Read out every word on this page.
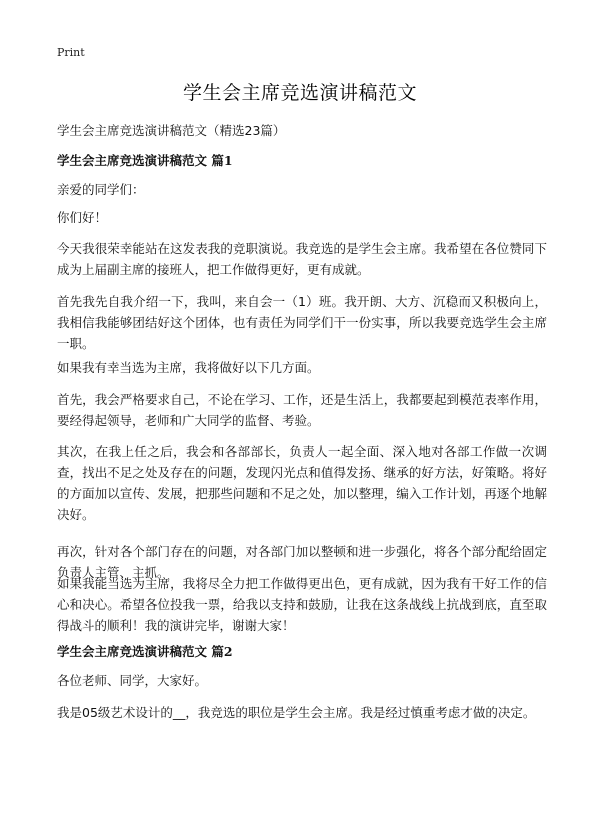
Print
学生会主席竞选演讲稿范文
学生会主席竞选演讲稿范文（精选23篇）
学生会主席竞选演讲稿范文 篇1

亲爱的同学们：

你们好！

今天我很荣幸能站在这发表我的竞职演说。我竞选的是学生会主席。我希望在各位赞同下成为上届副主席的接班人，把工作做得更好，更有成就。

首先我先自我介绍一下，我叫，来自会一（1）班。我开朗、大方、沉稳而又积极向上，我相信我能够团结好这个团体，也有责任为同学们干一份实事，所以我要竞选学生会主席一职。

如果我有幸当选为主席，我将做好以下几方面。

首先，我会严格要求自己，不论在学习、工作，还是生活上，我都要起到模范表率作用，要经得起领导，老师和广大同学的监督、考验。

其次，在我上任之后，我会和各部部长，负责人一起全面、深入地对各部工作做一次调查，找出不足之处及存在的问题，发现闪光点和值得发扬、继承的好方法，好策略。将好的方面加以宣传、发展，把那些问题和不足之处，加以整理，编入工作计划，再逐个地解决好。

再次，针对各个部门存在的问题，对各部门加以整顿和进一步强化，将各个部分配给固定负责人主管、主抓。

如果我能当选为主席，我将尽全力把工作做得更出色，更有成就，因为我有干好工作的信心和决心。希望各位投我一票，给我以支持和鼓励，让我在这条战线上抗战到底，直至取得战斗的顺利！我的演讲完毕，谢谢大家！

学生会主席竞选演讲稿范文 篇2

各位老师、同学，大家好。

我是05级艺术设计的__，我竞选的职位是学生会主席。我是经过慎重考虑才做的决定。
